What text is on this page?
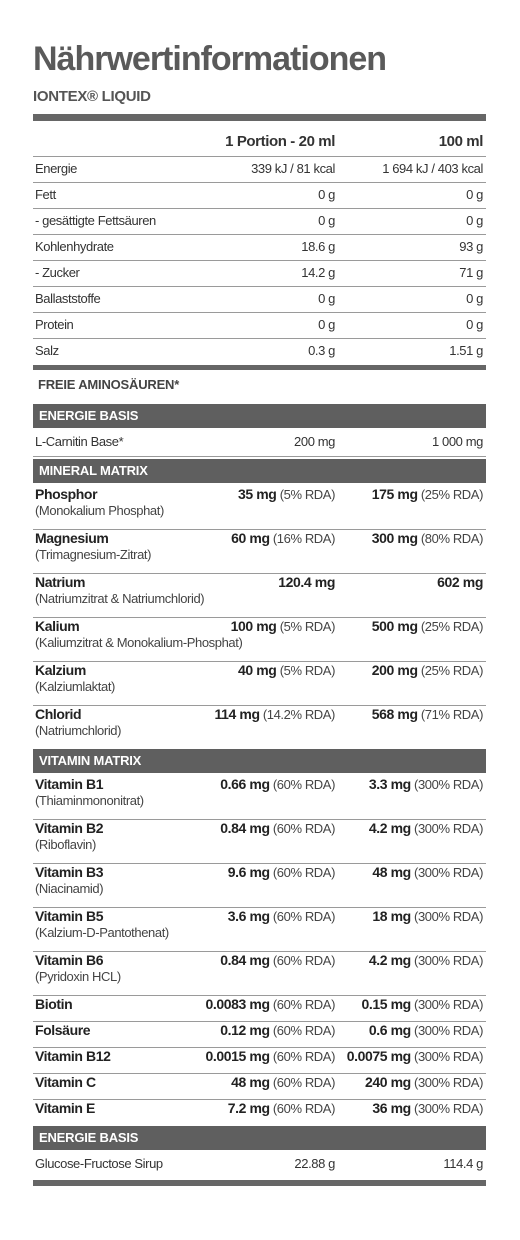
Nährwertinformationen
IONTEX® LIQUID
1 Portion - 20 ml	100 ml
Energie	339 kJ / 81 kcal	1 694 kJ / 403 kcal
Fett	0 g	0 g
- gesättigte Fettsäuren	0 g	0 g
Kohlenhydrate	18.6 g	93 g
- Zucker	14.2 g	71 g
Ballaststoffe	0 g	0 g
Protein	0 g	0 g
Salz	0.3 g	1.51 g
FREIE AMINOSÄUREN*
ENERGIE BASIS
L-Carnitin Base*	200 mg	1 000 mg
MINERAL MATRIX
Phosphor
(Monokalium Phosphat)
35 mg (5% RDA)	175 mg (25% RDA)
Magnesium
(Trimagnesium-Zitrat)
60 mg (16% RDA)	300 mg (80% RDA)
Natrium
(Natriumzitrat & Natriumchlorid)
120.4 mg	602 mg
Kalium
(Kaliumzitrat & Monokalium-Phosphat)
100 mg (5% RDA)	500 mg (25% RDA)
Kalzium
(Kalziumlaktat)
40 mg (5% RDA)	200 mg (25% RDA)
Chlorid
(Natriumchlorid)
114 mg (14.2% RDA)	568 mg (71% RDA)
VITAMIN MATRIX
Vitamin B1
(Thiaminmononitrat)
0.66 mg (60% RDA) 3.3 mg (300% RDA)
Vitamin B2
(Riboflavin)
0.84 mg (60% RDA) 4.2 mg (300% RDA)
Vitamin B3
(Niacinamid)
9.6 mg (60% RDA)	48 mg (300% RDA)
Vitamin B5
(Kalzium-D-Pantothenat)
3.6 mg (60% RDA)	18 mg (300% RDA)
Vitamin B6
(Pyridoxin HCL)
0.84 mg (60% RDA) 4.2 mg (300% RDA)
Biotin	0.0083 mg (60% RDA) 0.15 mg (300% RDA)
Folsäure	0.12 mg (60% RDA) 0.6 mg (300% RDA)
Vitamin B12	0.0015 mg (60% RDA) 0.0075 mg (300% RDA)
Vitamin C	48 mg (60% RDA) 240 mg (300% RDA)
Vitamin E	7.2 mg (60% RDA)	36 mg (300% RDA)
ENERGIE BASIS
Glucose-Fructose Sirup	22.88 g	114.4 g
